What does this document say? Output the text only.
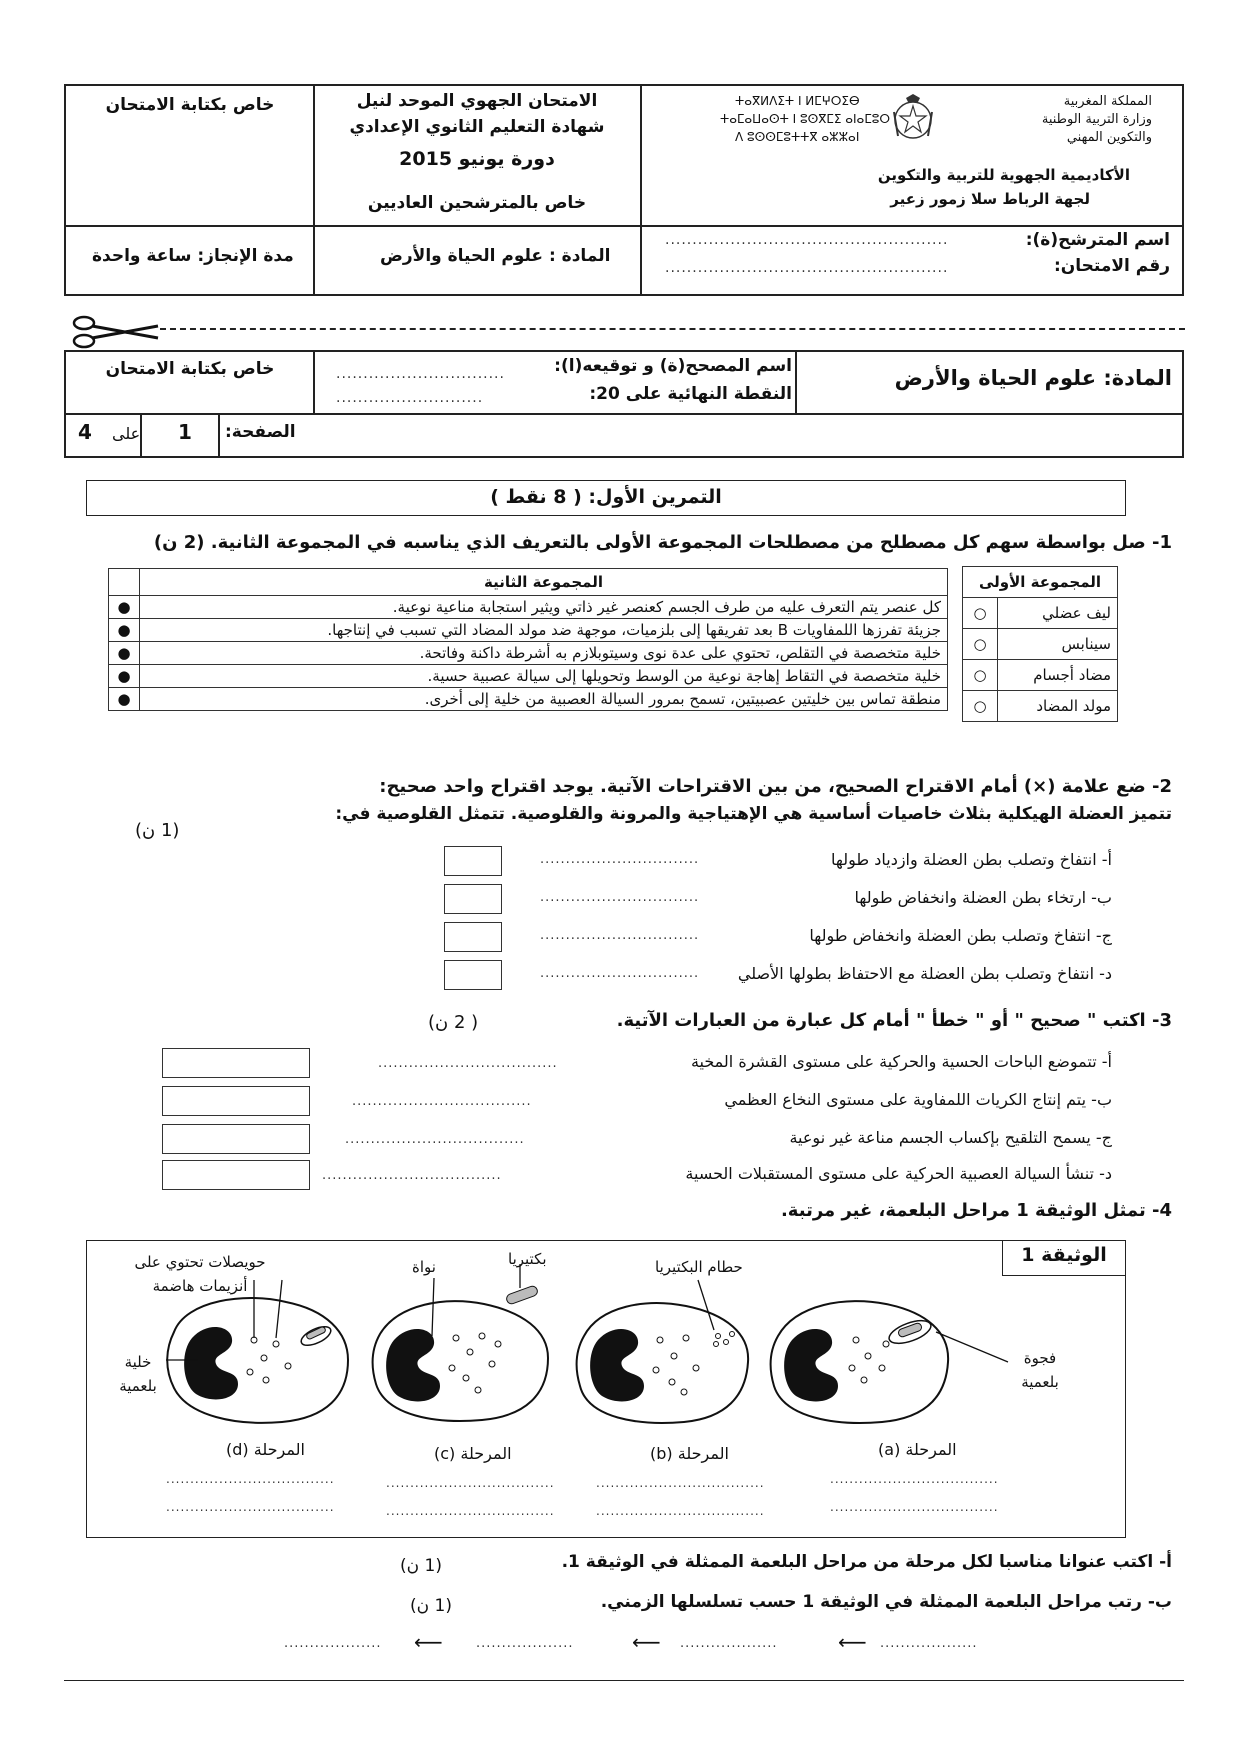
خاص بكتابة الامتحان	الامتحان الجهوي الموحد لنيل
شهادة التعليم الثانوي الإعدادي
دورة يونيو 2015
خاص بالمترشحين العاديين
المملكة المغربية
وزارة التربية الوطنية
والتكوين المهني
ⵜⴰⴳⵍⴷⵉⵜ ⵏ ⵍⵎⵖⵔⵉⴱ
ⵜⴰⵎⴰⵡⴰⵙⵜ ⵏ ⵓⵙⴳⵎⵉ ⴰⵏⴰⵎⵓⵔ
ⴷ ⵓⵙⵙⵎⵓⵜⵜⴳ ⴰⵣⵣⴰⵏ
الأكاديمية الجهوية للتربية والتكوين
لجهة الرباط سلا زمور زعير
مدة الإنجاز: ساعة واحدة	المادة : علوم الحياة والأرض
اسم المترشح(ة):
....................................................
رقم الامتحان:
....................................................
خاص بكتابة الامتحان	اسم المصحح(ة) و توقيعه(ا):
...............................
النقطة النهائية على 20:
...........................
المادة: علوم الحياة والأرض
الصفحة:
1
على
4
التمرين الأول: ( 8 نقط )
1- صل بواسطة سهم كل مصطلح من مصطلحات المجموعة الأولى بالتعريف الذي يناسبه في المجموعة الثانية. (2 ن)
المجموعة الثانية	
كل عنصر يتم التعرف عليه من طرف الجسم كعنصر غير ذاتي ويثير استجابة مناعية نوعية.	●
جزيئة تفرزها اللمفاويات B بعد تفريقها إلى بلزميات، موجهة ضد مولد المضاد التي تسبب في إنتاجها.	●
خلية متخصصة في التقلص، تحتوي على عدة نوى وسيتوبلازم به أشرطة داكنة وفاتحة.	●
خلية متخصصة في التقاط إهاجة نوعية من الوسط وتحويلها إلى سيالة عصبية حسية.	●
منطقة تماس بين خليتين عصبيتين، تسمح بمرور السيالة العصبية من خلية إلى أخرى.	●
المجموعة الأولى	
ليف عضلي	○
سينابس	○
مضاد أجسام	○
مولد المضاد	○
2- ضع علامة (×) أمام الاقتراح الصحيح، من بين الاقتراحات الآتية. يوجد اقتراح واحد صحيح:
تتميز العضلة الهيكلية بثلاث خاصيات أساسية هي الإهتياجية والمرونة والقلوصية. تتمثل القلوصية في:
(1 ن)
أ- انتفاخ وتصلب بطن العضلة وازدياد طولها
...............................
ب- ارتخاء بطن العضلة وانخفاض طولها
...............................
ج- انتفاخ وتصلب بطن العضلة وانخفاض طولها
...............................
د- انتفاخ وتصلب بطن العضلة مع الاحتفاظ بطولها الأصلي
...............................
3- اكتب " صحيح " أو " خطأ " أمام كل عبارة من العبارات الآتية.
( 2 ن)
أ- تتموضع الباحات الحسية والحركية على مستوى القشرة المخية
...................................
ب- يتم إنتاج الكريات اللمفاوية على مستوى النخاع العظمي
...................................
ج- يسمح التلقيح بإكساب الجسم مناعة غير نوعية
...................................
د- تنشأ السيالة العصبية الحركية على مستوى المستقبلات الحسية
...................................
4- تمثل الوثيقة 1 مراحل البلعمة، غير مرتبة.
الوثيقة 1
حويصلات تحتوي على أنزيمات هاضمة
نواة	بكتيريا	حطام البكتيريا
خلية بلعمية
فجوة بلعمية
المرحلة (a)
المرحلة (b)
المرحلة (c)
المرحلة (d)
...................................
...................................
...................................
...................................
...................................
...................................
...................................
...................................
أ- اكتب عنوانا مناسبا لكل مرحلة من مراحل البلعمة الممثلة في الوثيقة 1.
(1 ن)
ب- رتب مراحل البلعمة الممثلة في الوثيقة 1 حسب تسلسلها الزمني.
(1 ن)
...................
⟵
...................
⟵
...................
⟵
...................
